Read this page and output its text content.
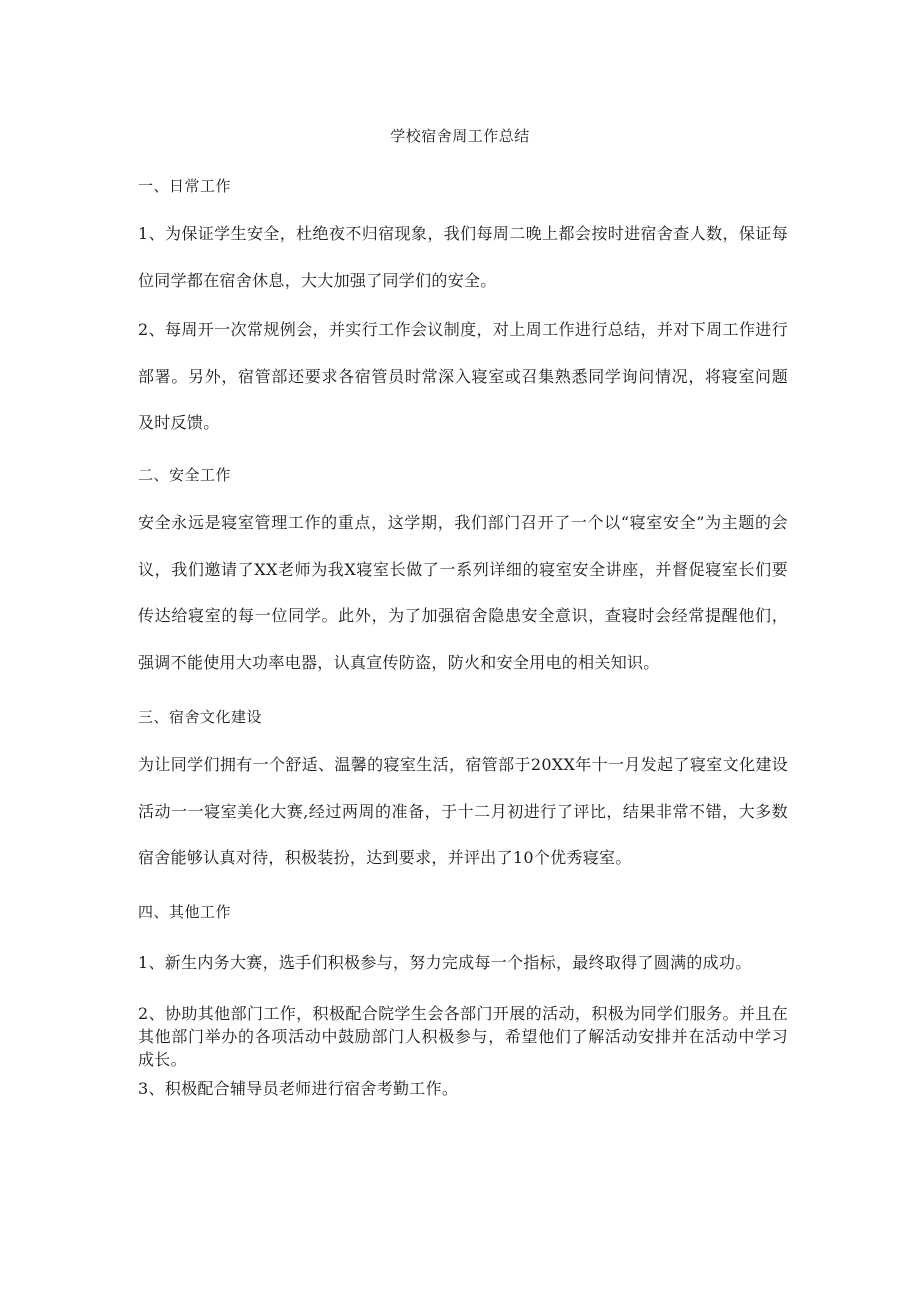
学校宿舍周工作总结
一、日常工作

1、为保证学生安全，杜绝夜不归宿现象，我们每周二晚上都会按时进宿舍查人数，保证每位同学都在宿舍休息，大大加强了同学们的安全。

2、每周开一次常规例会，并实行工作会议制度，对上周工作进行总结，并对下周工作进行部署。另外，宿管部还要求各宿管员时常深入寝室或召集熟悉同学询问情况，将寝室问题及时反馈。

二、安全工作

安全永远是寝室管理工作的重点，这学期，我们部门召开了一个以“寝室安全”为主题的会议，我们邀请了XX老师为我X寝室长做了一系列详细的寝室安全讲座，并督促寝室长们要传达给寝室的每一位同学。此外，为了加强宿舍隐患安全意识，查寝时会经常提醒他们，强调不能使用大功率电器，认真宣传防盗，防火和安全用电的相关知识。

三、宿舍文化建设

为让同学们拥有一个舒适、温馨的寝室生活，宿管部于20XX年十一月发起了寝室文化建设活动一一寝室美化大赛,经过两周的准备，于十二月初进行了评比，结果非常不错，大多数宿舍能够认真对待，积极装扮，达到要求，并评出了10个优秀寝室。

四、其他工作

1、新生内务大赛，选手们积极参与，努力完成每一个指标，最终取得了圆满的成功。

2、协助其他部门工作，积极配合院学生会各部门开展的活动，积极为同学们服务。并且在其他部门举办的各项活动中鼓励部门人积极参与，希望他们了解活动安排并在活动中学习成长。

3、积极配合辅导员老师进行宿舍考勤工作。
